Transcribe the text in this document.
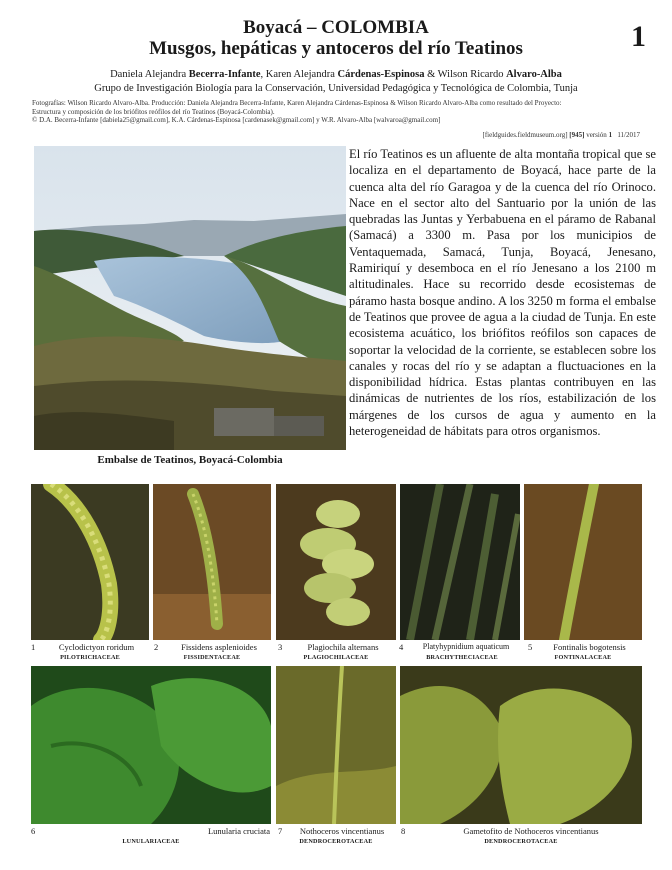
Boyacá – COLOMBIA
Musgos, hepáticas y antoceros del río Teatinos	1
Daniela Alejandra Becerra-Infante, Karen Alejandra Cárdenas-Espinosa & Wilson Ricardo Alvaro-Alba
Grupo de Investigación Biología para la Conservación, Universidad Pedagógica y Tecnológica de Colombia, Tunja
Fotografías: Wilson Ricardo Alvaro-Alba. Producción: Daniela Alejandra Becerra-Infante, Karen Alejandra Cárdenas-Espinosa & Wilson Ricardo Alvaro-Alba como resultado del Proyecto:
Estructura y composición de los briófitos reófilos del río Teatinos (Boyacá-Colombia).
© D.A. Becerra-Infante [dabiela25@gmail.com], K.A. Cárdenas-Espinosa [cardenasek@gmail.com] y W.R. Alvaro-Alba [walvaroa@gmail.com]
[fieldguides.fieldmuseum.org] [945] versión 1 11/2017
Embalse de Teatinos, Boyacá-Colombia
El río Teatinos es un afluente de alta montaña tropical que se localiza en el departamento de Boyacá, hace parte de la cuenca alta del río Garagoa y de la cuenca del río Orinoco. Nace en el sector alto del Santuario por la unión de las quebradas las Juntas y Yerbabuena en el páramo de Rabanal (Samacá) a 3300 m. Pasa por los municipios de Ventaquemada, Samacá, Tunja, Boyacá, Jenesano, Ramiriquí y desemboca en el río Jenesano a los 2100 m altitudinales. Hace su recorrido desde ecosistemas de páramo hasta bosque andino. A los 3250 m forma el embalse de Teatinos que provee de agua a la ciudad de Tunja. En este ecosistema acuático, los briófitos reófilos son capaces de soportar la velocidad de la corriente, se establecen sobre los canales y rocas del río y se adaptan a fluctuaciones en la disponibilidad hídrica. Estas plantas contribuyen en las dinámicas de nutrientes de los ríos, estabilización de los márgenes de los cursos de agua y aumento en la heterogeneidad de hábitats para otros organismos.
1	Cyclodictyon roridum
PILOTRICHACEAE
2	Fissidens asplenioides
FISSIDENTACEAE
3	Plagiochila alternans
PLAGIOCHILACEAE
4	Platyhypnidium aquaticum
BRACHYTHECIACEAE
5	Fontinalis bogotensis
FONTINALACEAE
6	Lunularia cruciata
LUNULARIACEAE
7	Nothoceros vincentianus
DENDROCEROTACEAE
8	Gametofito de Nothoceros vincentianus
DENDROCEROTACEAE
